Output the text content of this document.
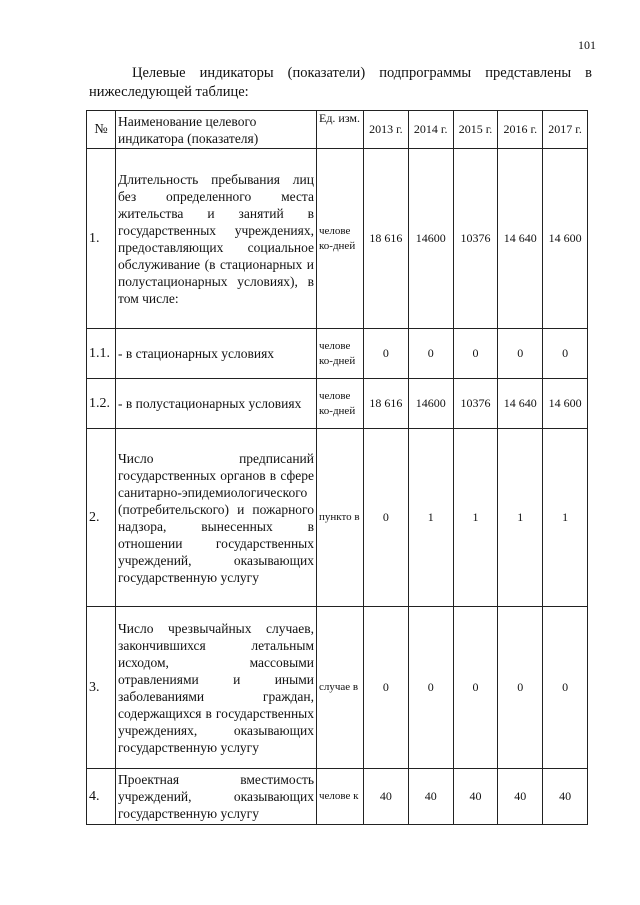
101
Целевые индикаторы (показатели) подпрограммы представлены в нижеследующей таблице:
№	Наименование целевого индикатора (показателя)	Ед. изм.	2013 г.	2014 г.	2015 г.	2016 г.	2017 г.
1.	Длительность пребывания лиц без определенного места жительства и занятий в государственных учреждениях, предоставляющих социальное обслуживание (в стационарных и полустационарных условиях), в том числе:	челове ко-дней	18 616	14600	10376	14 640	14 600
1.1.	- в стационарных условиях	челове ко-дней	0	0	0	0	0
1.2.	- в полустационарных условиях	челове ко-дней	18 616	14600	10376	14 640	14 600
2.	Число предписаний государственных органов в сфере санитарно-эпидемиологического (потребительского) и пожарного надзора, вынесенных в отношении государственных учреждений, оказывающих государственную услугу	пункто в	0	1	1	1	1
3.	Число чрезвычайных случаев, закончившихся летальным исходом, массовыми отравлениями и иными заболеваниями граждан, содержащихся в государственных учреждениях, оказывающих государственную услугу	случае в	0	0	0	0	0
4.	Проектная вместимость учреждений, оказывающих государственную услугу	челове к	40	40	40	40	40
